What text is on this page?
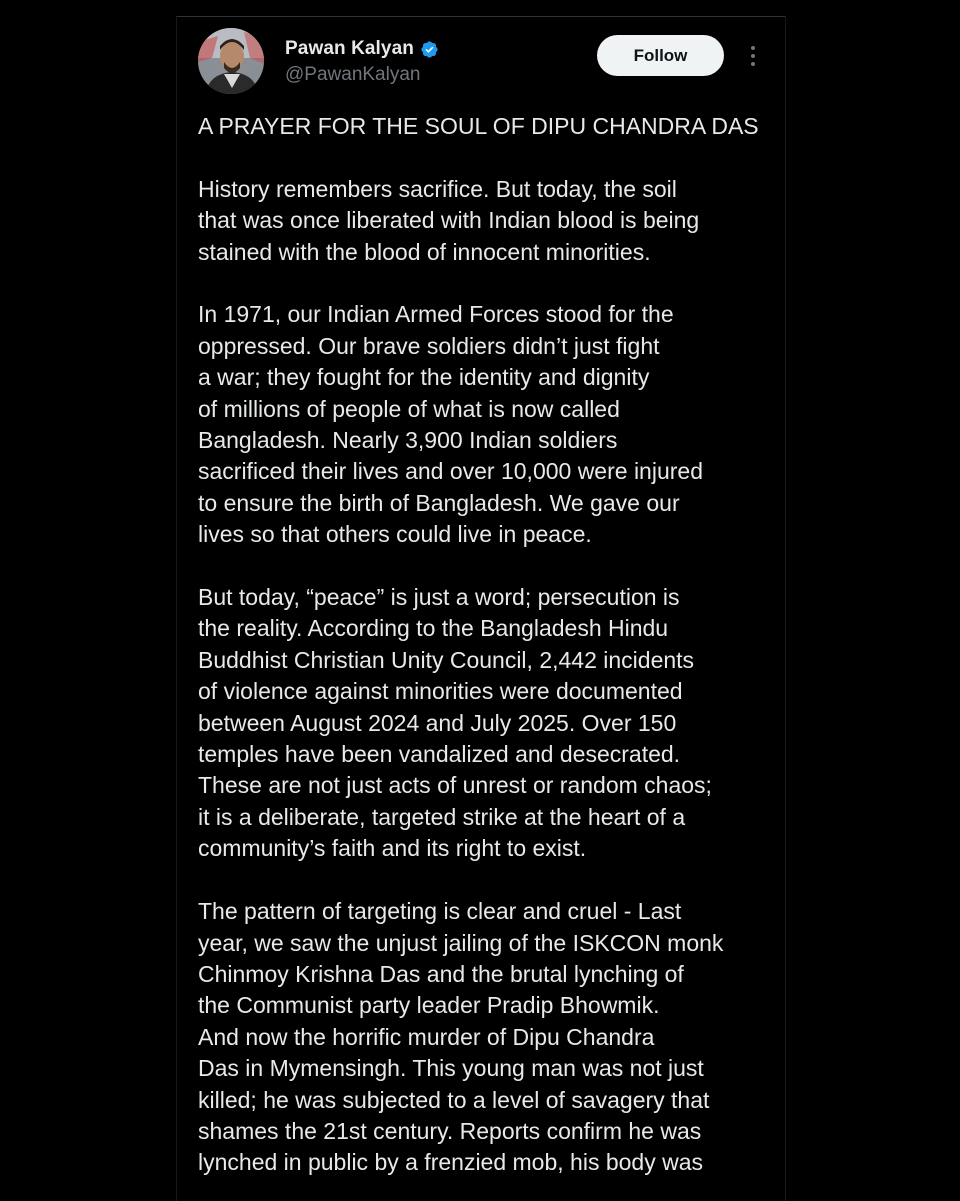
Pawan Kalyan
@PawanKalyan
Follow

A PRAYER FOR THE SOUL OF DIPU CHANDRA DAS

History remembers sacrifice. But today, the soil
that was once liberated with Indian blood is being
stained with the blood of innocent minorities.

In 1971, our Indian Armed Forces stood for the
oppressed. Our brave soldiers didn’t just fight
a war; they fought for the identity and dignity
of millions of people of what is now called
Bangladesh. Nearly 3,900 Indian soldiers
sacrificed their lives and over 10,000 were injured
to ensure the birth of Bangladesh. We gave our
lives so that others could live in peace.

But today, “peace” is just a word; persecution is
the reality. According to the Bangladesh Hindu
Buddhist Christian Unity Council, 2,442 incidents
of violence against minorities were documented
between August 2024 and July 2025. Over 150
temples have been vandalized and desecrated.
These are not just acts of unrest or random chaos;
it is a deliberate, targeted strike at the heart of a
community’s faith and its right to exist.

The pattern of targeting is clear and cruel - Last
year, we saw the unjust jailing of the ISKCON monk
Chinmoy Krishna Das and the brutal lynching of
the Communist party leader Pradip Bhowmik.
And now the horrific murder of Dipu Chandra
Das in Mymensingh. This young man was not just
killed; he was subjected to a level of savagery that
shames the 21st century. Reports confirm he was
lynched in public by a frenzied mob, his body was
